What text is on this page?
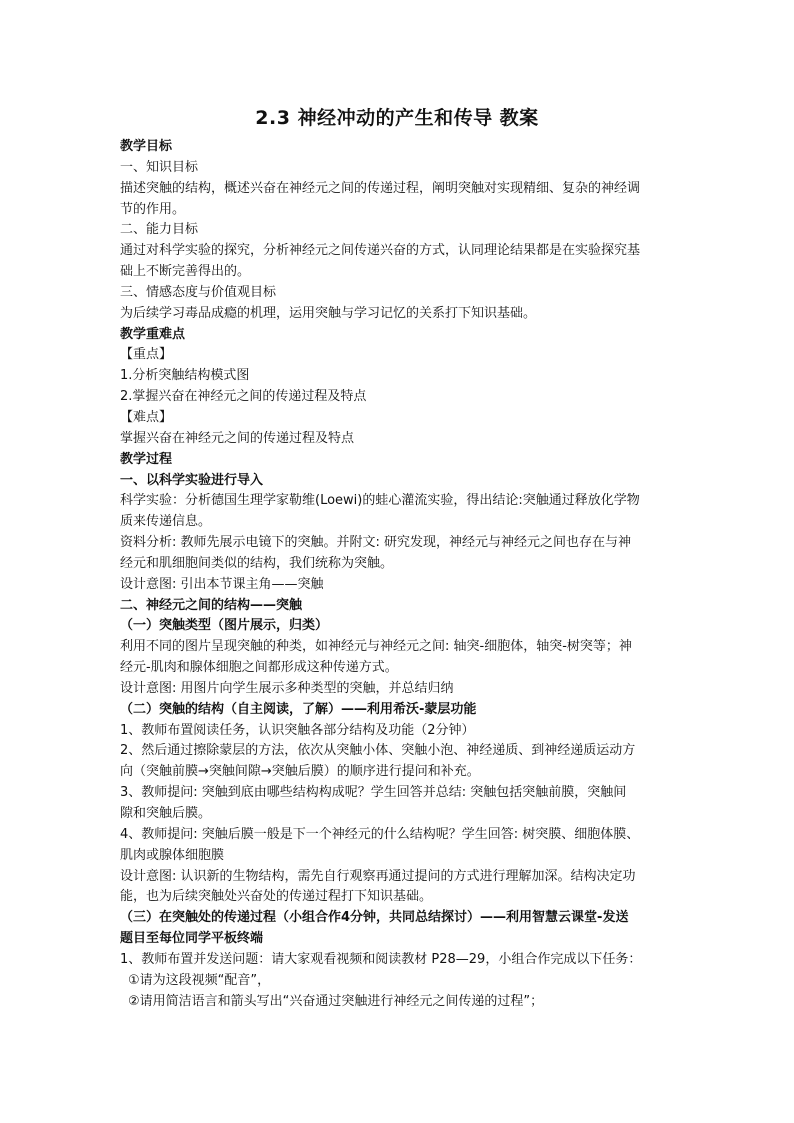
2.3 神经冲动的产生和传导 教案
教学目标
一、知识目标
描述突触的结构，概述兴奋在神经元之间的传递过程，阐明突触对实现精细、复杂的神经调
节的作用。
二、能力目标
通过对科学实验的探究，分析神经元之间传递兴奋的方式，认同理论结果都是在实验探究基
础上不断完善得出的。
三、情感态度与价值观目标
为后续学习毒品成瘾的机理，运用突触与学习记忆的关系打下知识基础。
教学重难点
【重点】
1.分析突触结构模式图
2.掌握兴奋在神经元之间的传递过程及特点
【难点】
掌握兴奋在神经元之间的传递过程及特点
教学过程
一、以科学实验进行导入
科学实验：分析德国生理学家勒维(Loewi)的蛙心灌流实验，得出结论:突触通过释放化学物
质来传递信息。
资料分析: 教师先展示电镜下的突触。并附文: 研究发现，神经元与神经元之间也存在与神
经元和肌细胞间类似的结构，我们统称为突触。
设计意图: 引出本节课主角——突触
二、神经元之间的结构——突触
（一）突触类型（图片展示，归类）
利用不同的图片呈现突触的种类，如神经元与神经元之间: 轴突-细胞体，轴突-树突等；神
经元-肌肉和腺体细胞之间都形成这种传递方式。
设计意图: 用图片向学生展示多种类型的突触，并总结归纳
（二）突触的结构（自主阅读，了解）——利用希沃-蒙层功能
1、教师布置阅读任务，认识突触各部分结构及功能（2分钟）
2、然后通过擦除蒙层的方法，依次从突触小体、突触小泡、神经递质、到神经递质运动方
向（突触前膜→突触间隙→突触后膜）的顺序进行提问和补充。
3、教师提问: 突触到底由哪些结构构成呢？学生回答并总结: 突触包括突触前膜，突触间
隙和突触后膜。
4、教师提问: 突触后膜一般是下一个神经元的什么结构呢？学生回答: 树突膜、细胞体膜、
肌肉或腺体细胞膜
设计意图: 认识新的生物结构，需先自行观察再通过提问的方式进行理解加深。结构决定功
能，也为后续突触处兴奋处的传递过程打下知识基础。
（三）在突触处的传递过程（小组合作4分钟，共同总结探讨）——利用智慧云课堂-发送
题目至每位同学平板终端
1、教师布置并发送问题：请大家观看视频和阅读教材 P28—29，小组合作完成以下任务：
①请为这段视频“配音”，
②请用简洁语言和箭头写出“兴奋通过突触进行神经元之间传递的过程”；
